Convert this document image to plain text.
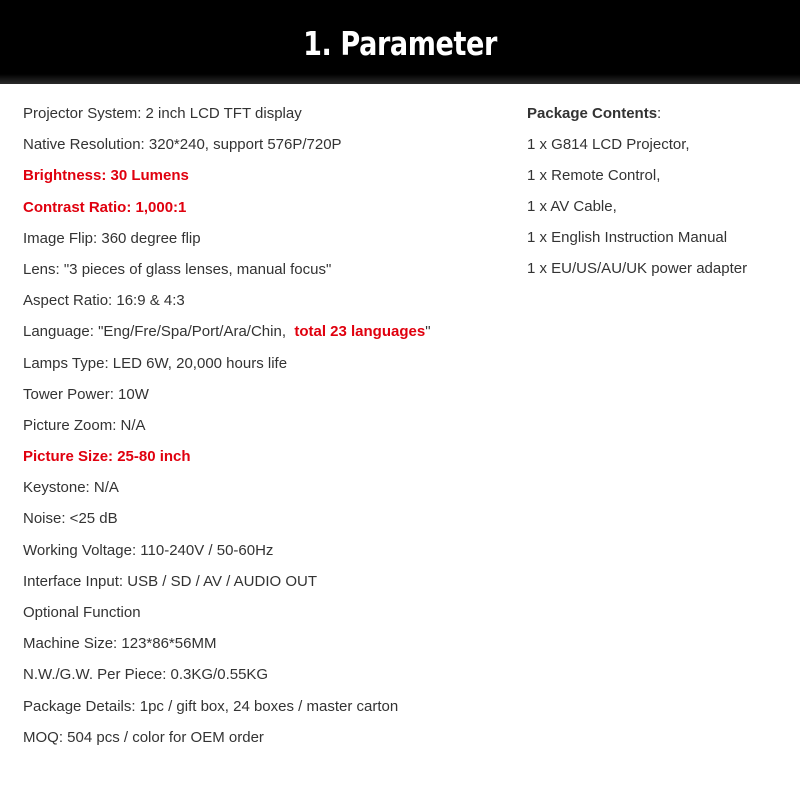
1. Parameter
Projector System: 2 inch LCD TFT display
Native Resolution: 320*240, support 576P/720P
Brightness: 30 Lumens
Contrast Ratio: 1,000:1
Image Flip: 360 degree flip
Lens: "3 pieces of glass lenses, manual focus"
Aspect Ratio: 16:9 & 4:3
Language: "Eng/Fre/Spa/Port/Ara/Chin, total 23 languages"
Lamps Type: LED 6W, 20,000 hours life
Tower Power: 10W
Picture Zoom: N/A
Picture Size: 25-80 inch
Keystone: N/A
Noise: <25 dB
Working Voltage: 110-240V / 50-60Hz
Interface Input: USB / SD / AV / AUDIO OUT
Optional Function
Machine Size: 123*86*56MM
N.W./G.W. Per Piece: 0.3KG/0.55KG
Package Details: 1pc / gift box, 24 boxes / master carton
MOQ: 504 pcs / color for OEM order
Package Contents:
1 x G814 LCD Projector,
1 x Remote Control,
1 x AV Cable,
1 x English Instruction Manual
1 x EU/US/AU/UK power adapter
